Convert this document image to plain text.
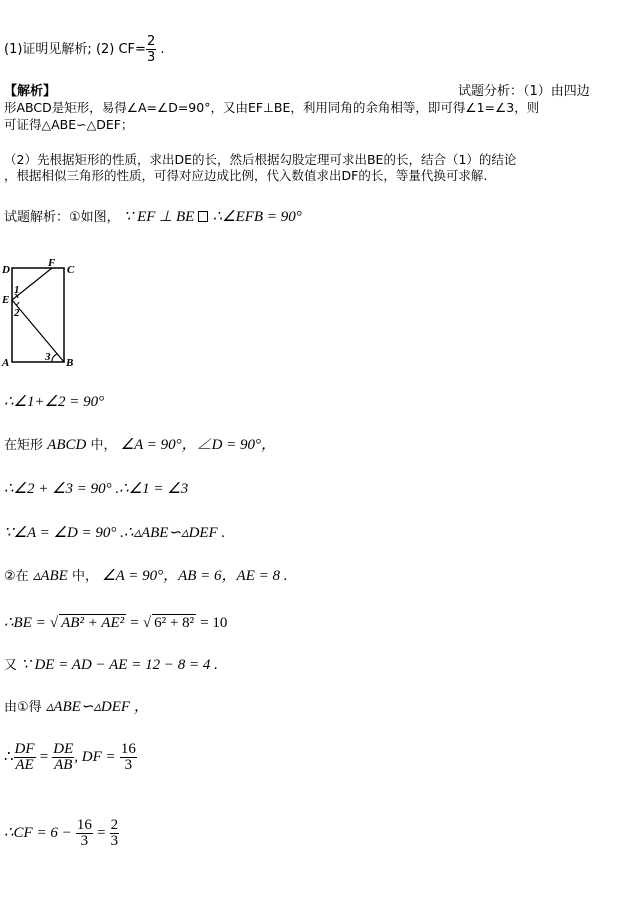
(1)证明见解析; (2) $CF= \frac{2}{3}$ .
【解析】	试题分析：（1）由四边
形ABCD是矩形，易得∠A=∠D=90°，又由EF⊥BE，利用同角的余角相等，即可得∠1=∠3，则
可证得△ABE∽△DEF；
（2）先根据矩形的性质，求出DE的长，然后根据勾股定理可求出BE的长，结合（1）的结论
，根据相似三角形的性质，可得对应边成比例，代入数值求出DF的长，等量代换可求解.
试题解析：①如图， ∵ EF ⊥ BE ∴∠EFB = 90°
D
F
C
E
1
2
3
A	B
∴∠1+∠2 = 90°
在矩形 ABCD 中， ∠A = 90°，∠D = 90°，
∴∠2 + ∠3 = 90° .∴∠1 = ∠3
∵∠A = ∠D = 90° .∴▵ABE∽▵DEF .
②在 ▵ABE 中， ∠A = 90°，AB = 6，AE = 8 .
∴BE = √ AB² + AE² = √ 6² + 8² = 10
又 ∵ DE = AD − AE = 12 − 8 = 4 .
由①得 ▵ABE∽▵DEF ，
∴ $\frac{DF}{AE} = \frac{DE}{AB}$ , DF = $\frac{16}{3}$
∴CF = $6 - \frac{16}{3} = \frac{2}{3}$
